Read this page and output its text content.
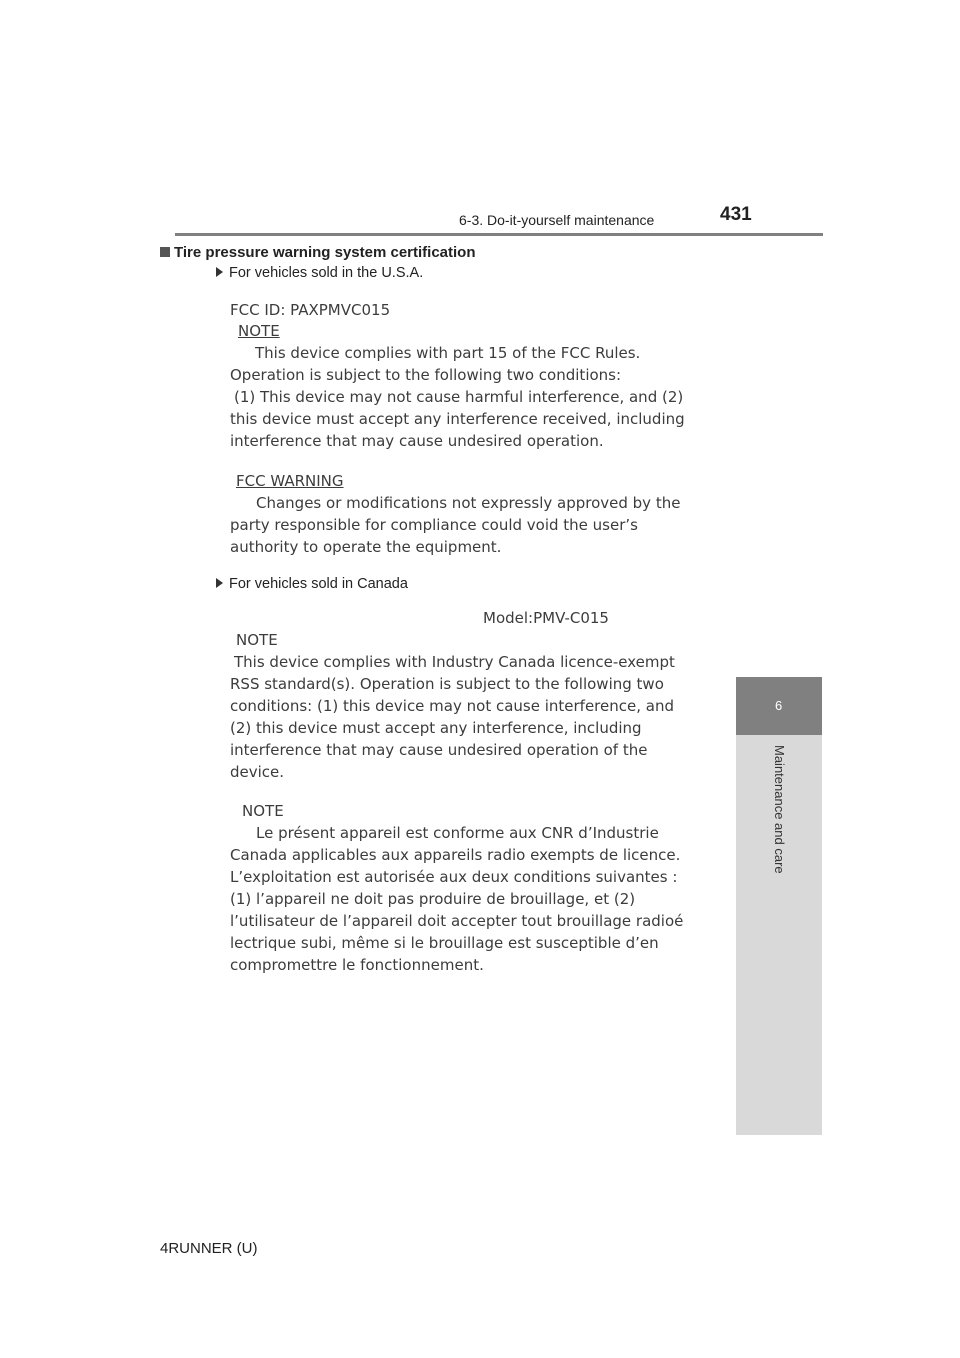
6-3. Do-it-yourself maintenance	431
6
Maintenance and care
Tire pressure warning system certification
For vehicles sold in the U.S.A.
FCC ID: PAXPMVC015
NOTE
This device complies with part 15 of the FCC Rules.
Operation is subject to the following two conditions:
(1) This device may not cause harmful interference, and (2)
this device must accept any interference received, including
interference that may cause undesired operation.
FCC WARNING
Changes or modifications not expressly approved by the
party responsible for compliance could void the user’s
authority to operate the equipment.
For vehicles sold in Canada
Model:PMV-C015
NOTE
This device complies with Industry Canada licence-exempt
RSS standard(s). Operation is subject to the following two
conditions: (1) this device may not cause interference, and
(2) this device must accept any interference, including
interference that may cause undesired operation of the
device.
NOTE
Le présent appareil est conforme aux CNR d’Industrie
Canada applicables aux appareils radio exempts de licence.
L’exploitation est autorisée aux deux conditions suivantes :
(1) l’appareil ne doit pas produire de brouillage, et (2)
l’utilisateur de l’appareil doit accepter tout brouillage radioé
lectrique subi, même si le brouillage est susceptible d’en
compromettre le fonctionnement.
4RUNNER (U)
